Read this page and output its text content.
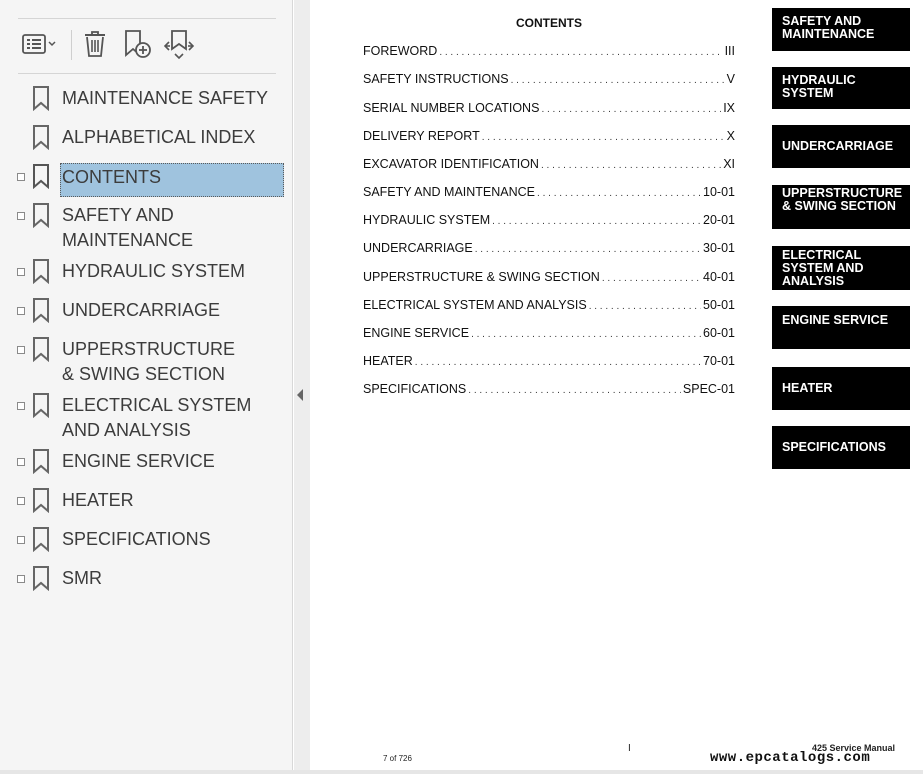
MAINTENANCE SAFETY
ALPHABETICAL INDEX
CONTENTS
SAFETY AND MAINTENANCE
HYDRAULIC SYSTEM
UNDERCARRIAGE
UPPERSTRUCTURE & SWING SECTION
ELECTRICAL SYSTEM AND ANALYSIS
ENGINE SERVICE
HEATER
SPECIFICATIONS
SMR
CONTENTS
FOREWORD . . .	III
SAFETY INSTRUCTIONS . . .	V
SERIAL NUMBER LOCATIONS . . .	IX
DELIVERY REPORT . . .	X
EXCAVATOR IDENTIFICATION . . .	XI
SAFETY AND MAINTENANCE . . .	10-01
HYDRAULIC SYSTEM . . .	20-01
UNDERCARRIAGE . . .	30-01
UPPERSTRUCTURE & SWING SECTION . . .	40-01
ELECTRICAL SYSTEM AND ANALYSIS . . .	50-01
ENGINE SERVICE . . .	60-01
HEATER . . .	70-01
SPECIFICATIONS . . .	SPEC-01
SAFETY AND MAINTENANCE
HYDRAULIC SYSTEM
UNDERCARRIAGE
UPPERSTRUCTURE & SWING SECTION
ELECTRICAL SYSTEM AND ANALYSIS
ENGINE SERVICE
HEATER
SPECIFICATIONS
7 of 726
I	425 Service Manual
www.epcatalogs.com
